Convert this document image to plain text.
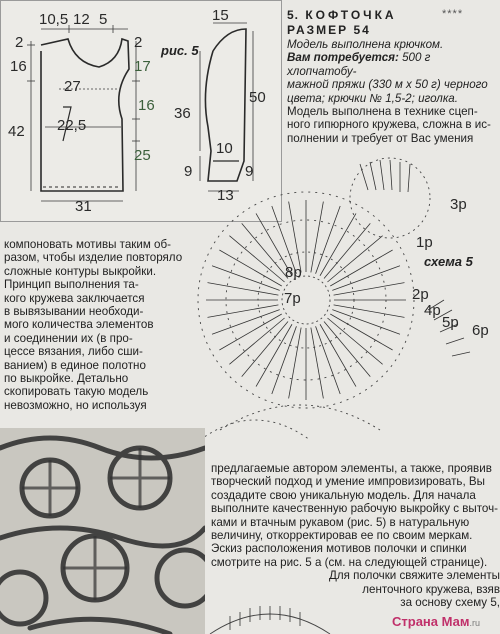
10,5 12 5
2	2
16	17
27
16
22,5
42
25
31
рис. 5
15
36
50
10
9	9
13
5. КОФТОЧКА	****
РАЗМЕР 54

Модель выполнена крючком.

Вам потребуется: 500 г хлопчатобу-

мажной пряжи (330 м х 50 г) черного

цвета; крючки № 1,5-2; иголка.

Модель выполнена в технике сцеп-

ного гипюрного кружева, сложна в ис-

полнении и требует от Вас умения

схема 5
3р
1р
8р
7р	2р
4р
5р 6р

компоновать мотивы таким об-

разом, чтобы изделие повторяло

сложные контуры выкройки.

Принцип выполнения та-

кого кружева заключается

в вывязывании необходи-

мого количества элементов

и соединении их (в про-

цессе вязания, либо сши-

ванием) в единое полотно

по выкройке. Детально

скопировать такую модель

невозможно, но используя

предлагаемые автором элементы, а также, проявив

творческий подход и умение импровизировать, Вы

создадите свою уникальную модель. Для начала

выполните качественную рабочую выкройку с выточ-

ками и втачным рукавом (рис. 5) в натуральную

величину, откорректировав ее по своим меркам.

Эскиз расположения мотивов полочки и спинки

смотрите на рис. 5 а (см. на следующей странице).

Для полочки свяжите элементы

ленточного кружева, взяв

за основу схему 5,

Страна Мам.ru
